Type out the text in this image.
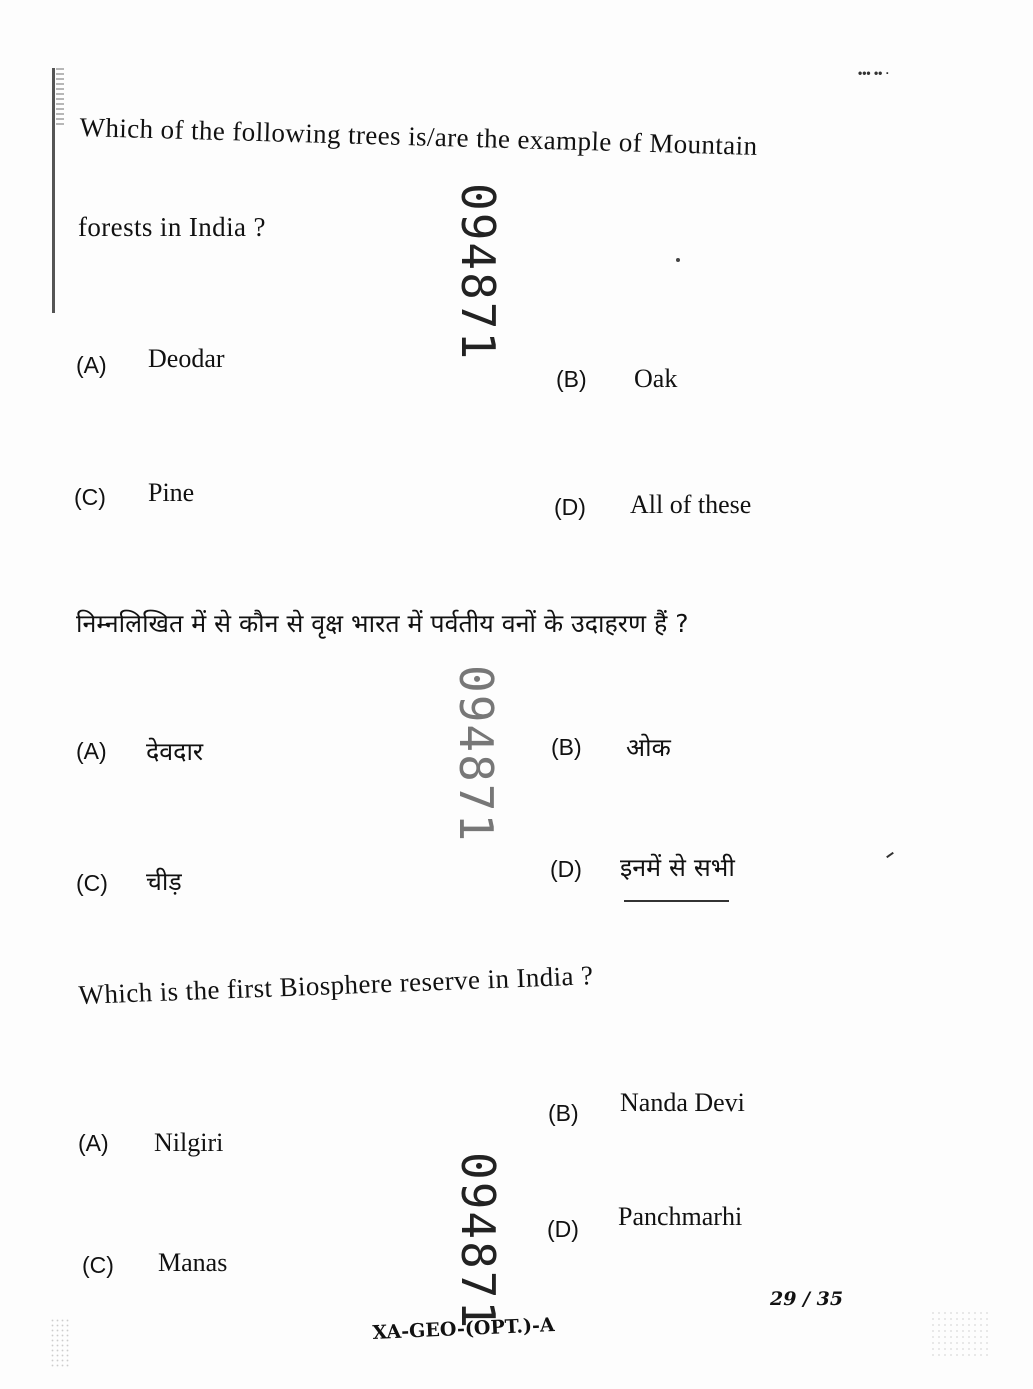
••• •• ·
Which of the following trees is/are the example of Mountain
forests in India ?	094871
(A) Deodar
(B) Oak
(C) Pine	(D) All of these
निम्नलिखित में से कौन से वृक्ष भारत में पर्वतीय वनों के उदाहरण हैं ?
094871
(A) देवदार	(B) ओक
(C) चीड़	(D) इनमें से सभी
Which is the first Biosphere reserve in India ?
(B) Nanda Devi
(A) Nilgiri
094871 (D) Panchmarhi
(C) Manas
29 / 35
XA-GEO-(OPT.)-A
